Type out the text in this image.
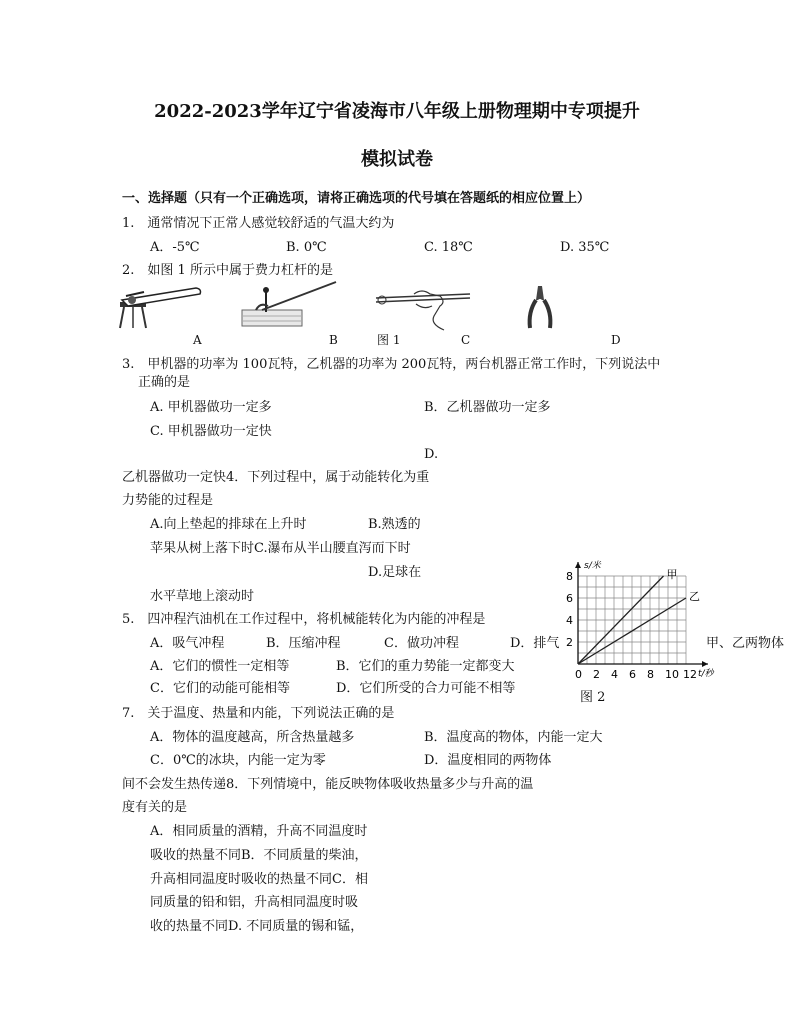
2022-2023学年辽宁省凌海市八年级上册物理期中专项提升
模拟试卷
一、选择题（只有一个正确选项，请将正确选项的代号填在答题纸的相应位置上）
1.　通常情况下正常人感觉较舒适的气温大约为
A．-5℃	B. 0℃	C. 18℃	D. 35℃
2.　如图 1 所示中属于费力杠杆的是
A	B	图 1	C	D
3.　甲机器的功率为 100瓦特，乙机器的功率为 200瓦特，两台机器正常工作时，下列说法中
正确的是
A. 甲机器做功一定多	B．乙机器做功一定多
C. 甲机器做功一定快
D.
乙机器做功一定快4．下列过程中，属于动能转化为重
力势能的过程是
A.向上垫起的排球在上升时	B.熟透的
苹果从树上落下时C.瀑布从半山腰直泻而下时
D.足球在
水平草地上滚动时
甲
乙
0 2 4 6 8 10 12
2
4
6
8
s/米
t/秒
图 2
5.　四冲程汽油机在工作过程中，将机械能转化为内能的冲程是
A．吸气冲程	B．压缩冲程	C．做功冲程	D．排气	甲、乙两物体
A．它们的惯性一定相等	B．它们的重力势能一定都变大
C．它们的动能可能相等	D．它们所受的合力可能不相等
7.　关于温度、热量和内能，下列说法正确的是
A．物体的温度越高，所含热量越多	B．温度高的物体，内能一定大
C．0℃的冰块，内能一定为零	D．温度相同的两物体
间不会发生热传递8．下列情境中，能反映物体吸收热量多少与升高的温
度有关的是
A．相同质量的酒精，升高不同温度时
吸收的热量不同B．不同质量的柴油，
升高相同温度时吸收的热量不同C．相
同质量的铅和铝，升高相同温度时吸
收的热量不同D. 不同质量的锡和锰，
